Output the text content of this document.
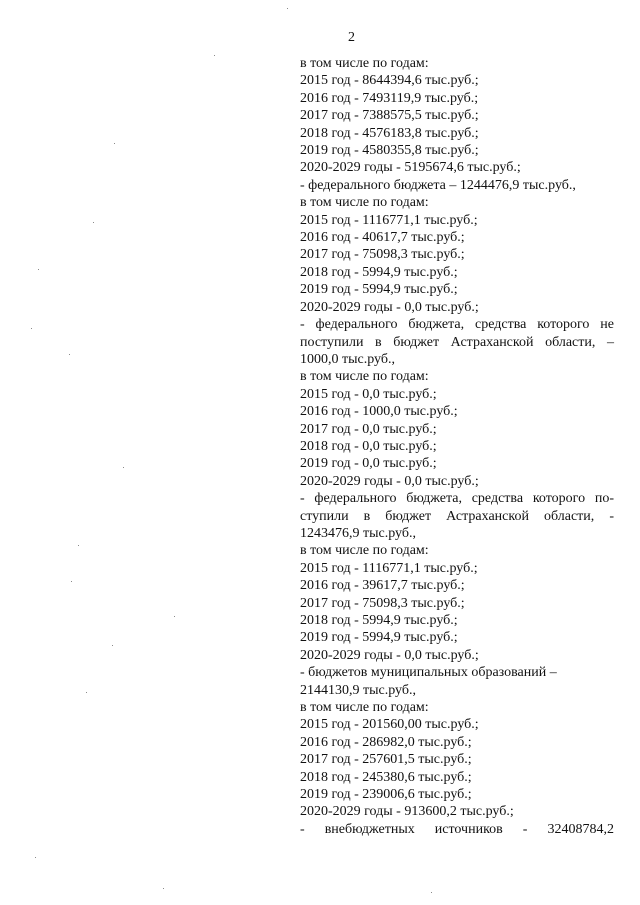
2
в том числе по годам:
2015 год - 8644394,6 тыс.руб.;
2016 год - 7493119,9 тыс.руб.;
2017 год - 7388575,5 тыс.руб.;
2018 год - 4576183,8 тыс.руб.;
2019 год - 4580355,8 тыс.руб.;
2020-2029 годы - 5195674,6 тыс.руб.;
- федерального бюджета – 1244476,9 тыс.руб.,
в том числе по годам:
2015 год - 1116771,1 тыс.руб.;
2016 год - 40617,7 тыс.руб.;
2017 год - 75098,3 тыс.руб.;
2018 год - 5994,9 тыс.руб.;
2019 год - 5994,9 тыс.руб.;
2020-2029 годы - 0,0 тыс.руб.;
- федерального бюджета, средства которого не
поступили в бюджет Астраханской области, –
1000,0 тыс.руб.,
в том числе по годам:
2015 год - 0,0 тыс.руб.;
2016 год - 1000,0 тыс.руб.;
2017 год - 0,0 тыс.руб.;
2018 год - 0,0 тыс.руб.;
2019 год - 0,0 тыс.руб.;
2020-2029 годы - 0,0 тыс.руб.;
- федерального бюджета, средства которого по-
ступили в бюджет Астраханской области, -
1243476,9 тыс.руб.,
в том числе по годам:
2015 год - 1116771,1 тыс.руб.;
2016 год - 39617,7 тыс.руб.;
2017 год - 75098,3 тыс.руб.;
2018 год - 5994,9 тыс.руб.;
2019 год - 5994,9 тыс.руб.;
2020-2029 годы - 0,0 тыс.руб.;
- бюджетов муниципальных образований –
2144130,9 тыс.руб.,
в том числе по годам:
2015 год - 201560,00 тыс.руб.;
2016 год - 286982,0 тыс.руб.;
2017 год - 257601,5 тыс.руб.;
2018 год - 245380,6 тыс.руб.;
2019 год - 239006,6 тыс.руб.;
2020-2029 годы - 913600,2 тыс.руб.;
- внебюджетных источников - 32408784,2
